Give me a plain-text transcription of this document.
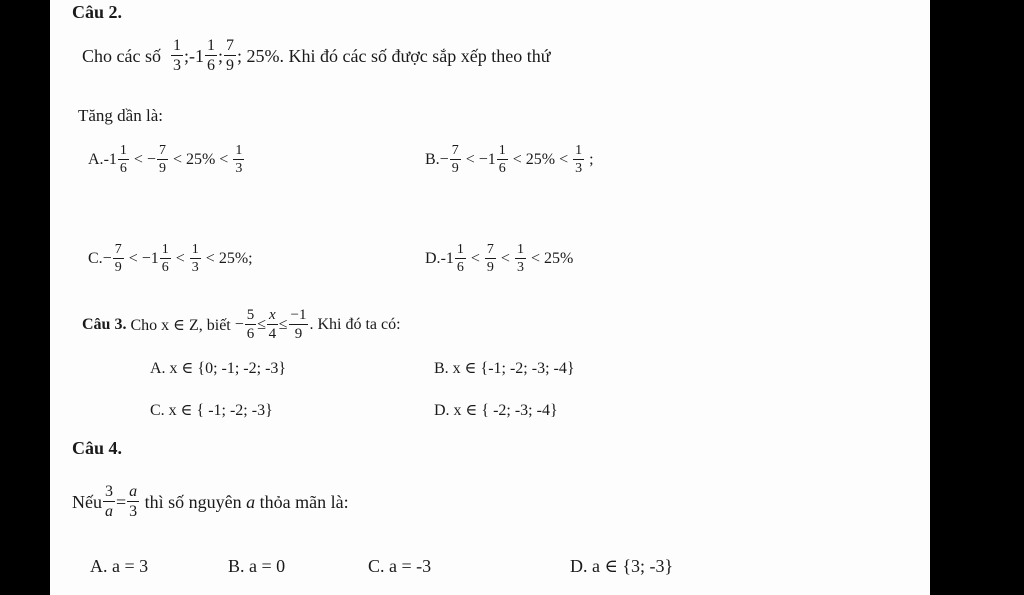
Câu 2.
Cho các số
1
3 ; -1 1
6 ; 7
9 ; 25%. Khi đó các số được sắp xếp theo thứ
Tăng dần là:
A. -1
1
6

<
− $\frac{7}{9}$
< 25% <

1
3
B. − $\frac{7}{9}$
<
−1
1
6

< 25% <

1
3

;
C. − $\frac{7}{9}$
<
−1
1
6

<

1
3

< 25%;	D. -1
1
6

<

7
9

<

1
3

< 25%
Câu 3.
Cho x ∈ Z, biết
− $\frac{5}{6} \le \frac{x}{4} \le \frac{-1}{9}$ . Khi đó ta có:
A. x ∈ {0; -1; -2; -3}	B. x ∈ {-1; -2; -3; -4}
C. x ∈ { -1; -2; -3}	D. x ∈ { -2; -3; -4}
Câu 4.
Nếu $\frac{3}{a} = \frac{a}{3}$
thì số nguyên
a
thỏa mãn là:
A. a = 3	B. a = 0	C. a = -3	D. a ∈ {3; -3}
